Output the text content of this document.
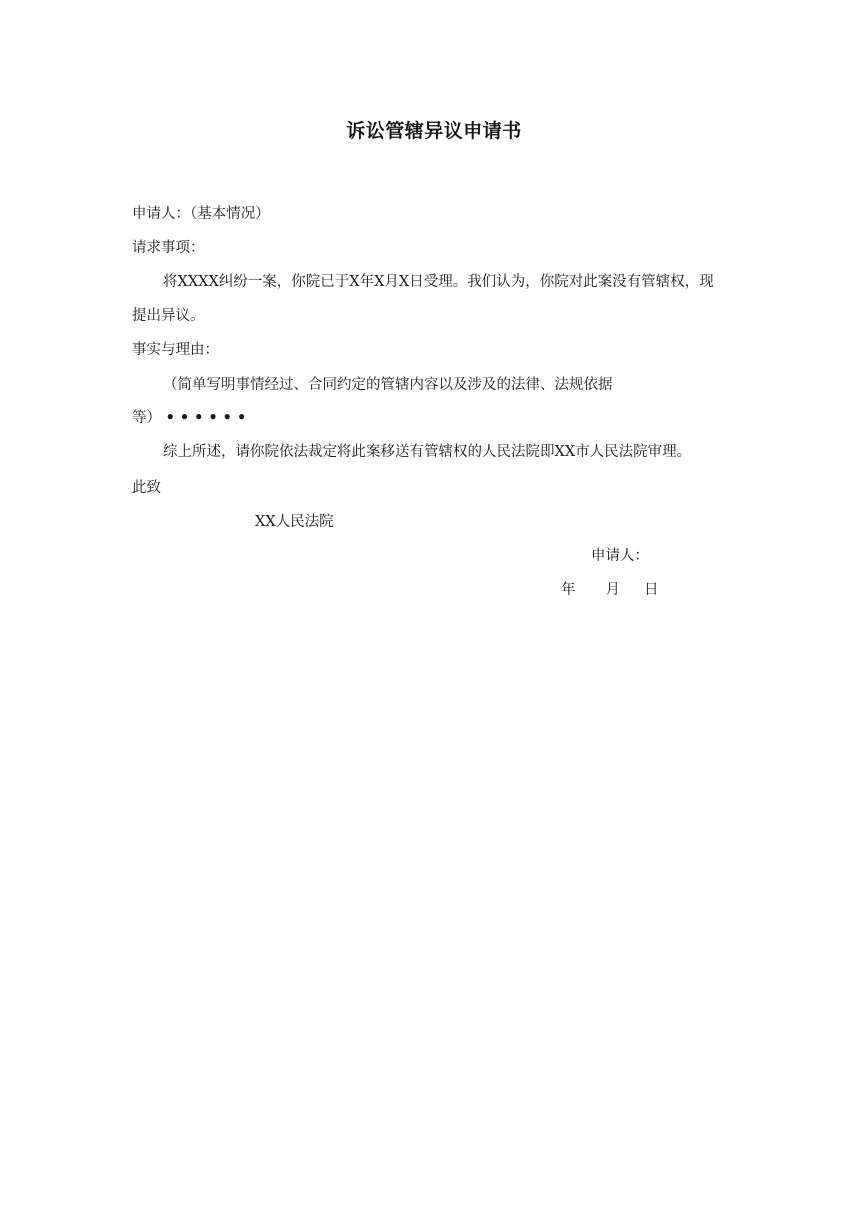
诉讼管辖异议申请书
申请人：（基本情况）
请求事项：
将XXXX纠纷一案，你院已于X年X月X日受理。我们认为，你院对此案没有管辖权，现
提出异议。
事实与理由：
（简单写明事情经过、合同约定的管辖内容以及涉及的法律、法规依据
等） ••••••
综上所述，请你院依法裁定将此案移送有管辖权的人民法院即XX市人民法院审理。
此致
XX人民法院
申请人：
年 月 日
